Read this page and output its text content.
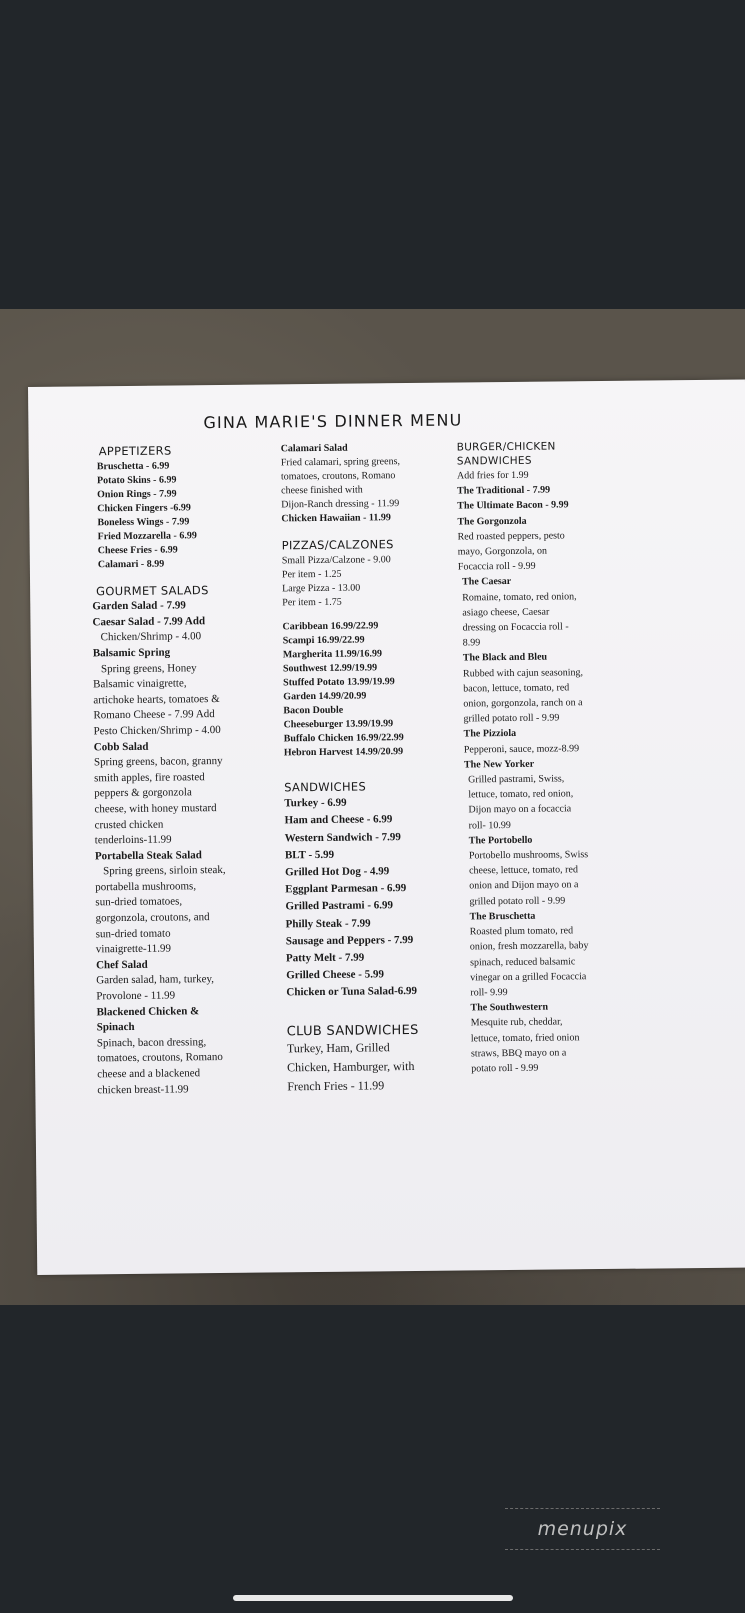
GINA MARIE'S DINNER MENU
APPETIZERS
Bruschetta - 6.99
Potato Skins - 6.99
Onion Rings - 7.99
Chicken Fingers -6.99
Boneless Wings - 7.99
Fried Mozzarella - 6.99
Cheese Fries - 6.99
Calamari - 8.99
GOURMET SALADS
Garden Salad - 7.99
Caesar Salad - 7.99 Add
Chicken/Shrimp - 4.00
Balsamic Spring
Spring greens, Honey
Balsamic vinaigrette,
artichoke hearts, tomatoes &
Romano Cheese - 7.99 Add
Pesto Chicken/Shrimp - 4.00
Cobb Salad
Spring greens, bacon, granny
smith apples, fire roasted
peppers & gorgonzola
cheese, with honey mustard
crusted chicken
tenderloins-11.99
Portabella Steak Salad
Spring greens, sirloin steak,
portabella mushrooms,
sun-dried tomatoes,
gorgonzola, croutons, and
sun-dried tomato
vinaigrette-11.99
Chef Salad
Garden salad, ham, turkey,
Provolone - 11.99
Blackened Chicken &
Spinach
Spinach, bacon dressing,
tomatoes, croutons, Romano
cheese and a blackened
chicken breast-11.99
Calamari Salad
Fried calamari, spring greens,
tomatoes, croutons, Romano
cheese finished with
Dijon-Ranch dressing - 11.99
Chicken Hawaiian - 11.99
PIZZAS/CALZONES
Small Pizza/Calzone - 9.00
Per item - 1.25
Large Pizza - 13.00
Per item - 1.75
Caribbean 16.99/22.99
Scampi 16.99/22.99
Margherita 11.99/16.99
Southwest 12.99/19.99
Stuffed Potato 13.99/19.99
Garden 14.99/20.99
Bacon Double
Cheeseburger 13.99/19.99
Buffalo Chicken 16.99/22.99
Hebron Harvest 14.99/20.99
SANDWICHES
Turkey - 6.99
Ham and Cheese - 6.99
Western Sandwich - 7.99
BLT - 5.99
Grilled Hot Dog - 4.99
Eggplant Parmesan - 6.99
Grilled Pastrami - 6.99
Philly Steak - 7.99
Sausage and Peppers - 7.99
Patty Melt - 7.99
Grilled Cheese - 5.99
Chicken or Tuna Salad-6.99
CLUB SANDWICHES
Turkey, Ham, Grilled
Chicken, Hamburger, with
French Fries - 11.99
BURGER/CHICKEN
SANDWICHES
Add fries for 1.99
The Traditional - 7.99
The Ultimate Bacon - 9.99
The Gorgonzola
Red roasted peppers, pesto
mayo, Gorgonzola, on
Focaccia roll - 9.99
The Caesar
Romaine, tomato, red onion,
asiago cheese, Caesar
dressing on Focaccia roll -
8.99
The Black and Bleu
Rubbed with cajun seasoning,
bacon, lettuce, tomato, red
onion, gorgonzola, ranch on a
grilled potato roll - 9.99
The Pizziola
Pepperoni, sauce, mozz-8.99
The New Yorker
Grilled pastrami, Swiss,
lettuce, tomato, red onion,
Dijon mayo on a focaccia
roll- 10.99
The Portobello
Portobello mushrooms, Swiss
cheese, lettuce, tomato, red
onion and Dijon mayo on a
grilled potato roll - 9.99
The Bruschetta
Roasted plum tomato, red
onion, fresh mozzarella, baby
spinach, reduced balsamic
vinegar on a grilled Focaccia
roll- 9.99
The Southwestern
Mesquite rub, cheddar,
lettuce, tomato, fried onion
straws, BBQ mayo on a
potato roll - 9.99
menupix
